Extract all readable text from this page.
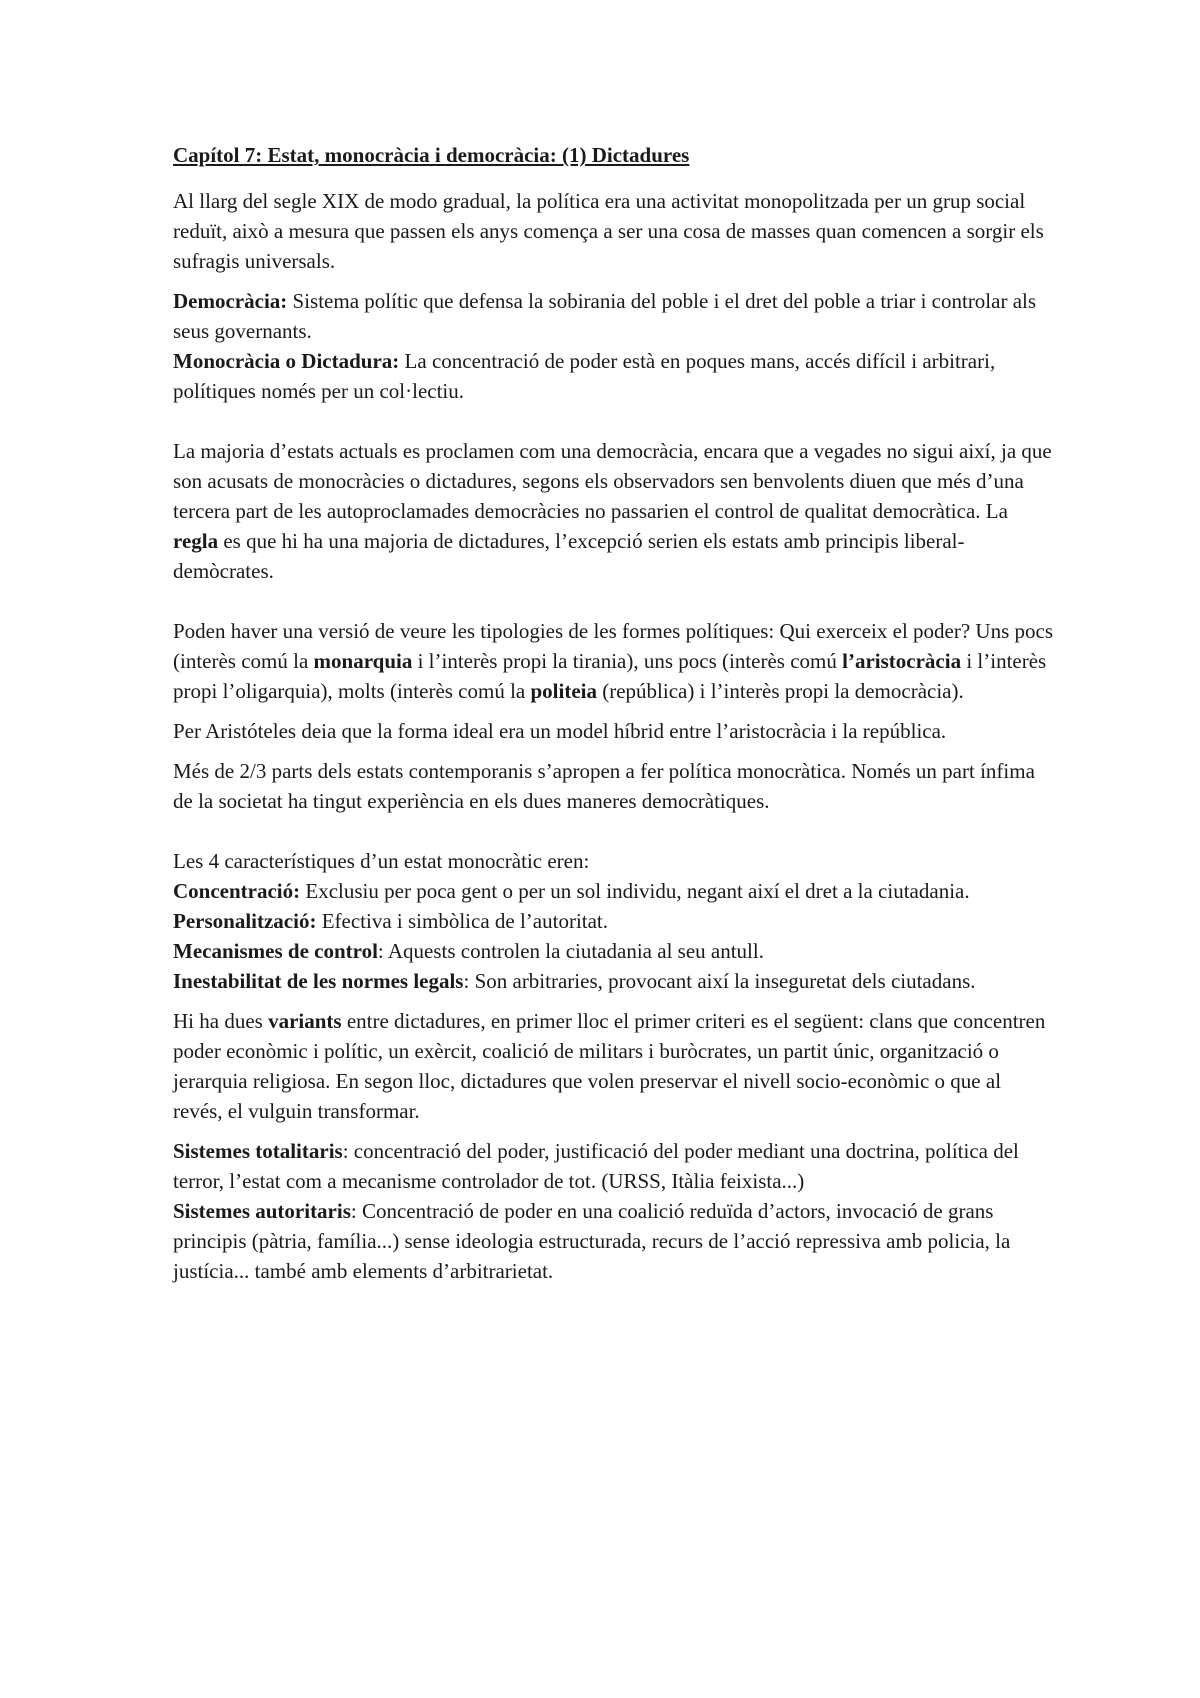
Capítol 7: Estat, monocràcia i democràcia: (1) Dictadures

Al llarg del segle XIX de modo gradual, la política era una activitat monopolitzada per un grup social reduït, això a mesura que passen els anys comença a ser una cosa de masses quan comencen a sorgir els sufragis universals.

Democràcia: Sistema polític que defensa la sobirania del poble i el dret del poble a triar i controlar als seus governants.

Monocràcia o Dictadura: La concentració de poder està en poques mans, accés difícil i arbitrari, polítiques només per un col·lectiu.

La majoria d’estats actuals es proclamen com una democràcia, encara que a vegades no sigui així, ja que son acusats de monocràcies o dictadures, segons els observadors sen benvolents diuen que més d’una tercera part de les autoproclamades democràcies no passarien el control de qualitat democràtica. La regla es que hi ha una majoria de dictadures, l’excepció serien els estats amb principis liberal-demòcrates.

Poden haver una versió de veure les tipologies de les formes polítiques: Qui exerceix el poder? Uns pocs (interès comú la monarquia i l’interès propi la tirania), uns pocs (interès comú l’aristocràcia i l’interès propi l’oligarquia), molts (interès comú la politeia (república) i l’interès propi la democràcia).

Per Aristóteles deia que la forma ideal era un model híbrid entre l’aristocràcia i la república.

Més de 2/3 parts dels estats contemporanis s’apropen a fer política monocràtica. Només un part ínfima de la societat ha tingut experiència en els dues maneres democràtiques.

Les 4 característiques d’un estat monocràtic eren:

Concentració: Exclusiu per poca gent o per un sol individu, negant així el dret a la ciutadania.

Personalització: Efectiva i simbòlica de l’autoritat.

Mecanismes de control: Aquests controlen la ciutadania al seu antull.

Inestabilitat de les normes legals: Son arbitraries, provocant així la inseguretat dels ciutadans.

Hi ha dues variants entre dictadures, en primer lloc el primer criteri es el següent: clans que concentren poder econòmic i polític, un exèrcit, coalició de militars i buròcrates, un partit únic, organització o jerarquia religiosa. En segon lloc, dictadures que volen preservar el nivell socio-econòmic o que al revés, el vulguin transformar.

Sistemes totalitaris: concentració del poder, justificació del poder mediant una doctrina, política del terror, l’estat com a mecanisme controlador de tot. (URSS, Itàlia feixista...)

Sistemes autoritaris: Concentració de poder en una coalició reduïda d’actors, invocació de grans principis (pàtria, família...) sense ideologia estructurada, recurs de l’acció repressiva amb policia, la justícia... també amb elements d’arbitrarietat.
